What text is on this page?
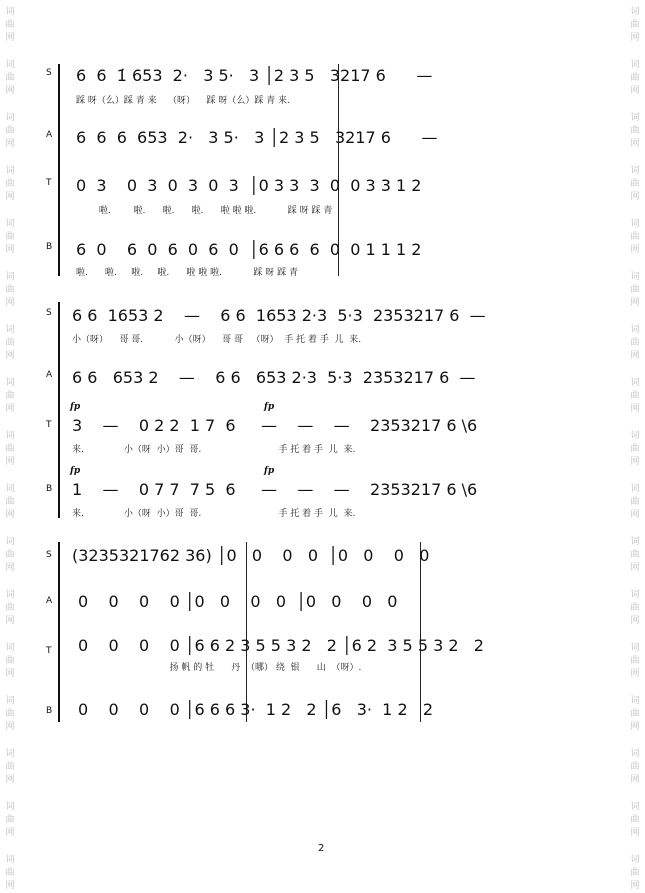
词
曲
网
词
曲
网
词
曲
网
词
曲
网
词
曲
网
词
曲
网
词
曲
网
词
曲
网
词
曲
网
词
曲
网
词
曲
网
词
曲
网
词
曲
网
词
曲
网
词
曲
网
词
曲
网
词
曲
网
词
曲
网
词
曲
网
词
曲
网
词
曲
网
词
曲
网
词
曲
网
词
曲
网
词
曲
网
词
曲
网
词
曲
网
词
曲
网
词
曲
网
词
曲
网
词
曲
网
词
曲
网
词
曲
网
词
曲
网
S 6  6  1̇ 653  2·   3 5·   3 │2 3 5   3217 6      —
踩 呀（么）踩 青 来    （呀）    踩 呀（么）踩 青 来.
A 6  6  6  653  2·   3 5·   3 │2 3 5   3217 6      —
T 0  3    0  3  0  3  0  3  │0 3 3  3  0  0 3 3 1 2
啦.        啦.      啦.      啦.      啦 啦 啦.           踩 呀 踩 青
B 6  0    6  0  6  0  6  0  │6 6 6  6  0  0 1 1 1 2
啦.      啦.     啦.     啦.      啦 啦 啦.           踩 呀 踩 青
S 6 6  1653 2    —    6 6  1653 2·3  5·3  2353217 6  —
小（呀）    哥 哥.           小（呀）    哥 哥   （呀）  手 托 着 手  儿  来.
A 6 6   653 2    —    6 6   653 2·3  5·3  2353217 6  —
fp	fp
T 3    —    0 2 2  1 7  6     —    —    —    2353217 6 \6
来.              小（呀  小）哥  哥.                           手 托 着 手  儿  来.
fp	fp
B 1    —    0 7 7  7 5  6     —    —    —    2353217 6 \6
来.              小（呀  小）哥  哥.                           手 托 着 手  儿  来.
S (3235321762 36) │0   0    0   0  │0   0    0   0
A 0    0    0    0 │0   0    0   0  │0   0    0   0
T 0    0    0    0 │6 6 2 3 5 5 3 2   2 │6 2  3 5 5 3 2   2
扬 帆 的 牡      丹  （哪） 绕  银      山  （呀）.
B 0    0    0    0 │6 6 6 3·  1 2   2 │6   3·  1 2   2
2
